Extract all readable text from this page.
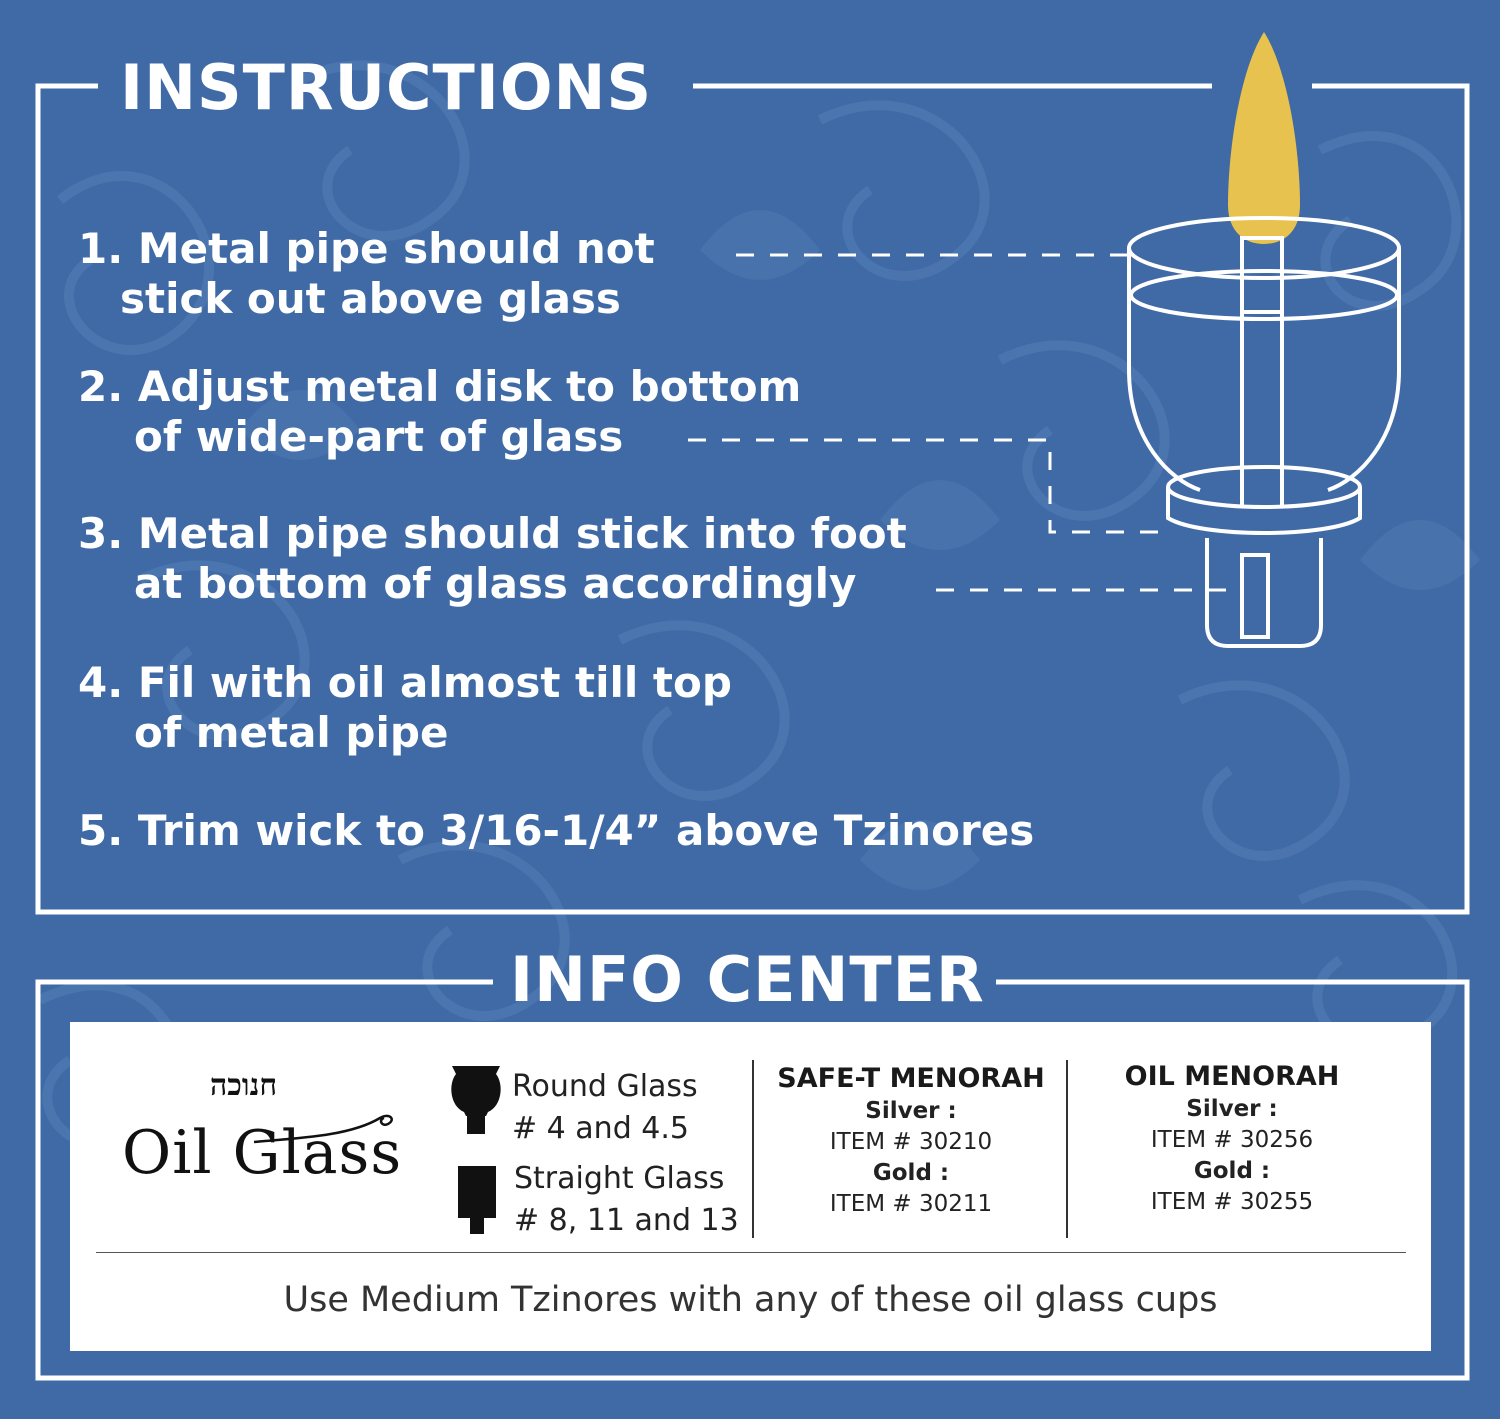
INSTRUCTIONS
1. Metal pipe should not
stick out above glass
2. Adjust metal disk to bottom
of wide-part of glass
3. Metal pipe should stick into foot
at bottom of glass accordingly
4. Fil with oil almost till top
of metal pipe
5. Trim wick to 3/16-1/4” above Tzinores
INFO CENTER
חנוכה
Oil Glass
Round Glass
# 4 and 4.5
Straight Glass
# 8, 11 and 13
SAFE-T MENORAH
Silver :
ITEM # 30210
Gold :
ITEM # 30211
OIL MENORAH
Silver :
ITEM # 30256
Gold :
ITEM # 30255
Use Medium Tzinores with any of these oil glass cups
